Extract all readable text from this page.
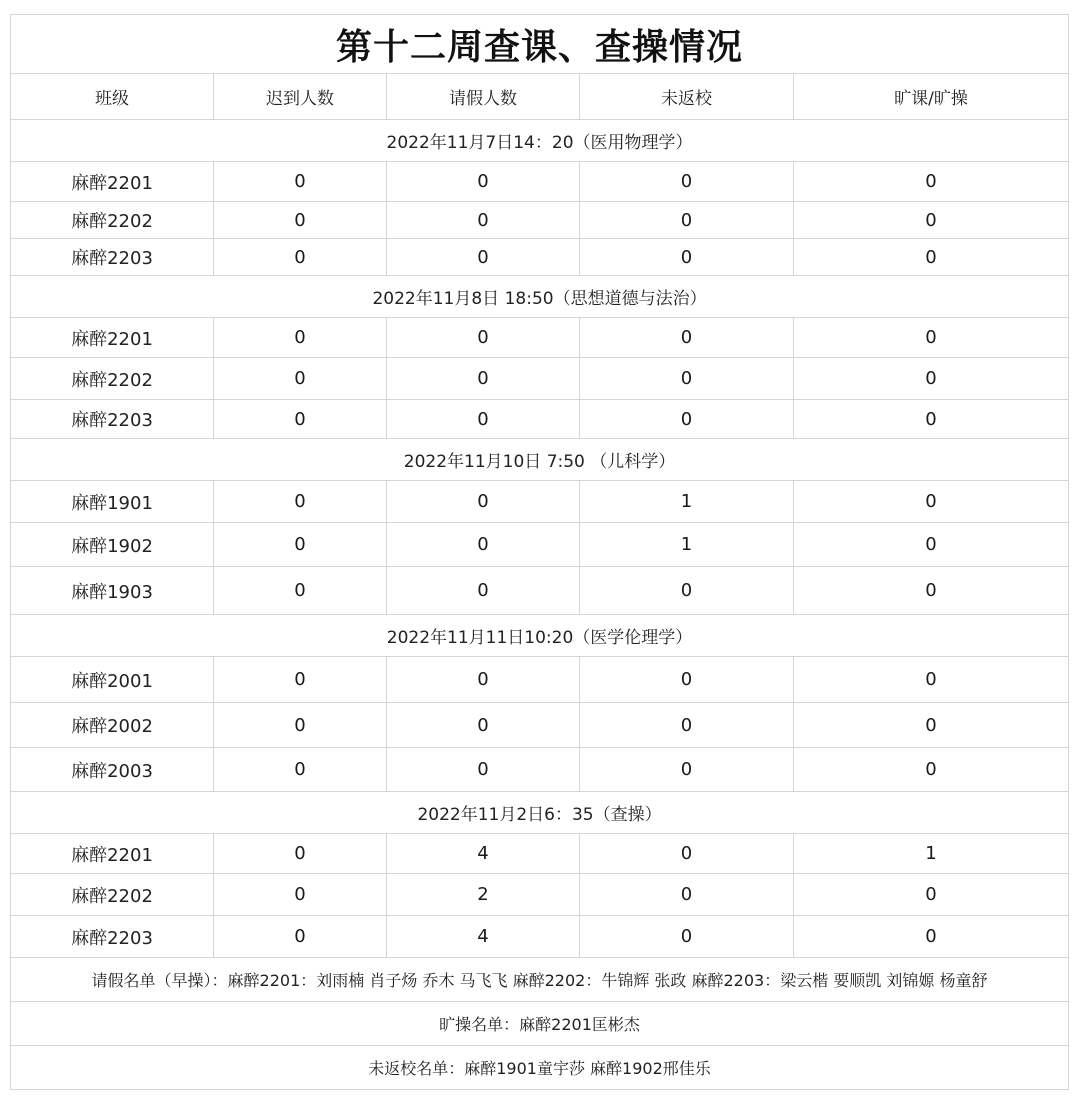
第十二周查课、查操情况				
班级	迟到人数	请假人数	未返校	旷课/旷操
2022年11月7日14：20（医用物理学）				
麻醉2201	0	0	0	0
麻醉2202	0	0	0	0
麻醉2203	0	0	0	0
2022年11月8日 18:50（思想道德与法治）				
麻醉2201	0	0	0	0
麻醉2202	0	0	0	0
麻醉2203	0	0	0	0
2022年11月10日 7:50 （儿科学）				
麻醉1901	0	0	1	0
麻醉1902	0	0	1	0
麻醉1903	0	0	0	0
2022年11月11日10:20（医学伦理学）				
麻醉2001	0	0	0	0
麻醉2002	0	0	0	0
麻醉2003	0	0	0	0
2022年11月2日6：35（查操）				
麻醉2201	0	4	0	1
麻醉2202	0	2	0	0
麻醉2203	0	4	0	0
请假名单（早操）：麻醉2201：刘雨楠 肖子炀 乔木 马飞飞 麻醉2202：牛锦辉 张政 麻醉2203：梁云楷 要顺凯 刘锦嫄 杨童舒				
旷操名单：麻醉2201匡彬杰				
未返校名单：麻醉1901童宇莎 麻醉1902邢佳乐				
